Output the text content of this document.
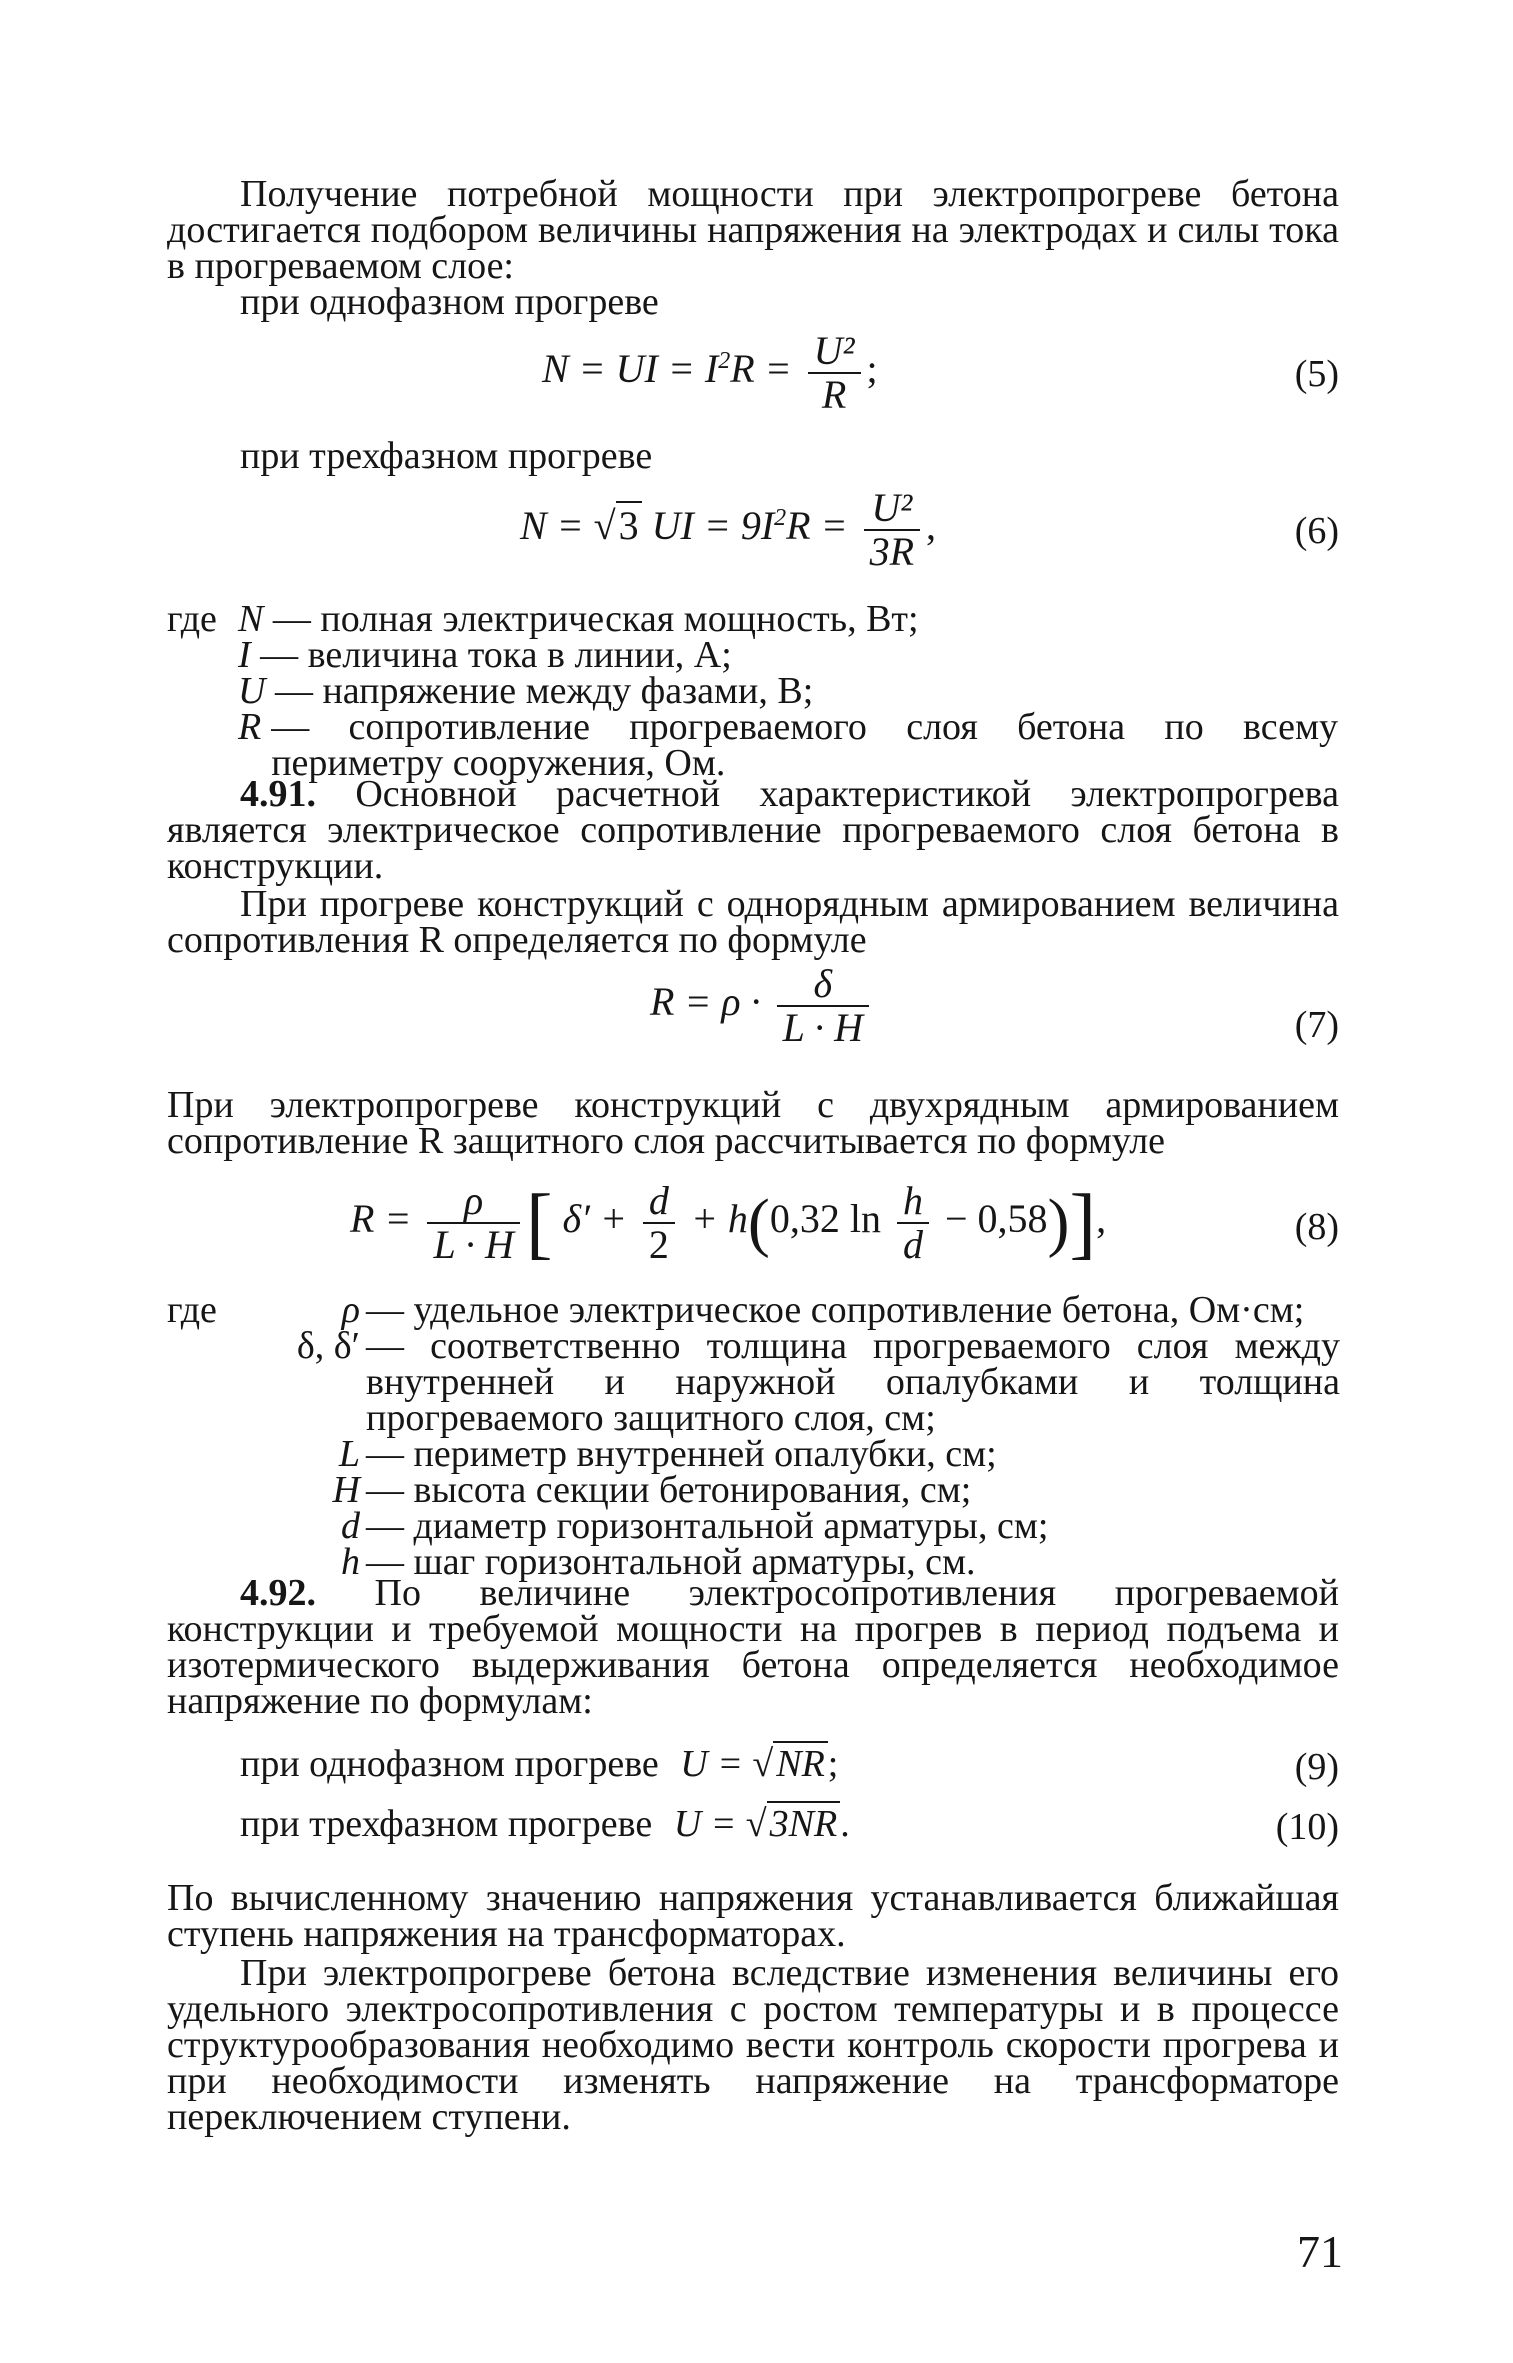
Получение потребной мощности при электропрогреве бетона достигается подбором величины напряжения на электродах и силы тока в прогреваемом слое:

при однофазном прогреве
N = UI = $I^2R = \frac{\text{U²}}{R}$ ;	(5)
при трехфазном прогреве
N = √3 UI = $9I^2R = \frac{\text{U²}}{3R}$ ,	(6)
где N — полная электрическая мощность, Вт;
I — величина тока в линии, А;
U — напряжение между фазами, В;
R — сопротивление прогреваемого слоя бетона по всему периметру сооружения, Ом.

4.91. Основной расчетной характеристикой электропрогрева является электрическое сопротивление прогреваемого слоя бетона в конструкции.

При прогреве конструкций с однорядным армированием величина сопротивления R определяется по формуле

$R = \rho \cdot \frac{\delta}{L \cdot H}$	(7)

При электропрогреве конструкций с двухрядным армированием сопротивление R защитного слоя рассчитывается по формуле

$R = \frac{\rho}{L \cdot H}$ [ $\delta' + \frac{d}{2} + h(0,32$ $\ln \frac{h}{d} - 0,58$)],	(8)
где	ρ — удельное электрическое сопротивление бетона, Ом·см;
δ, δ′ — соответственно толщина прогреваемого слоя между внутренней и наружной опалубками и толщина прогреваемого защитного слоя, см;
L — периметр внутренней опалубки, см;
H — высота секции бетонирования, см;
d — диаметр горизонтальной арматуры, см;
h — шаг горизонтальной арматуры, см.

4.92. По величине электросопротивления прогреваемой конструкции и требуемой мощности на прогрев в период подъема и изотермического выдерживания бетона определяется необходимое напряжение по формулам:

при однофазном прогреве U = √NR;	(9)
при трехфазном прогреве U = √3NR.	(10)

По вычисленному значению напряжения устанавливается ближайшая ступень напряжения на трансформаторах.

При электропрогреве бетона вследствие изменения величины его удельного электросопротивления с ростом температуры и в процессе структурообразования необходимо вести контроль скорости прогрева и при необходимости изменять напряжение на трансформаторе переключением ступени.

71
